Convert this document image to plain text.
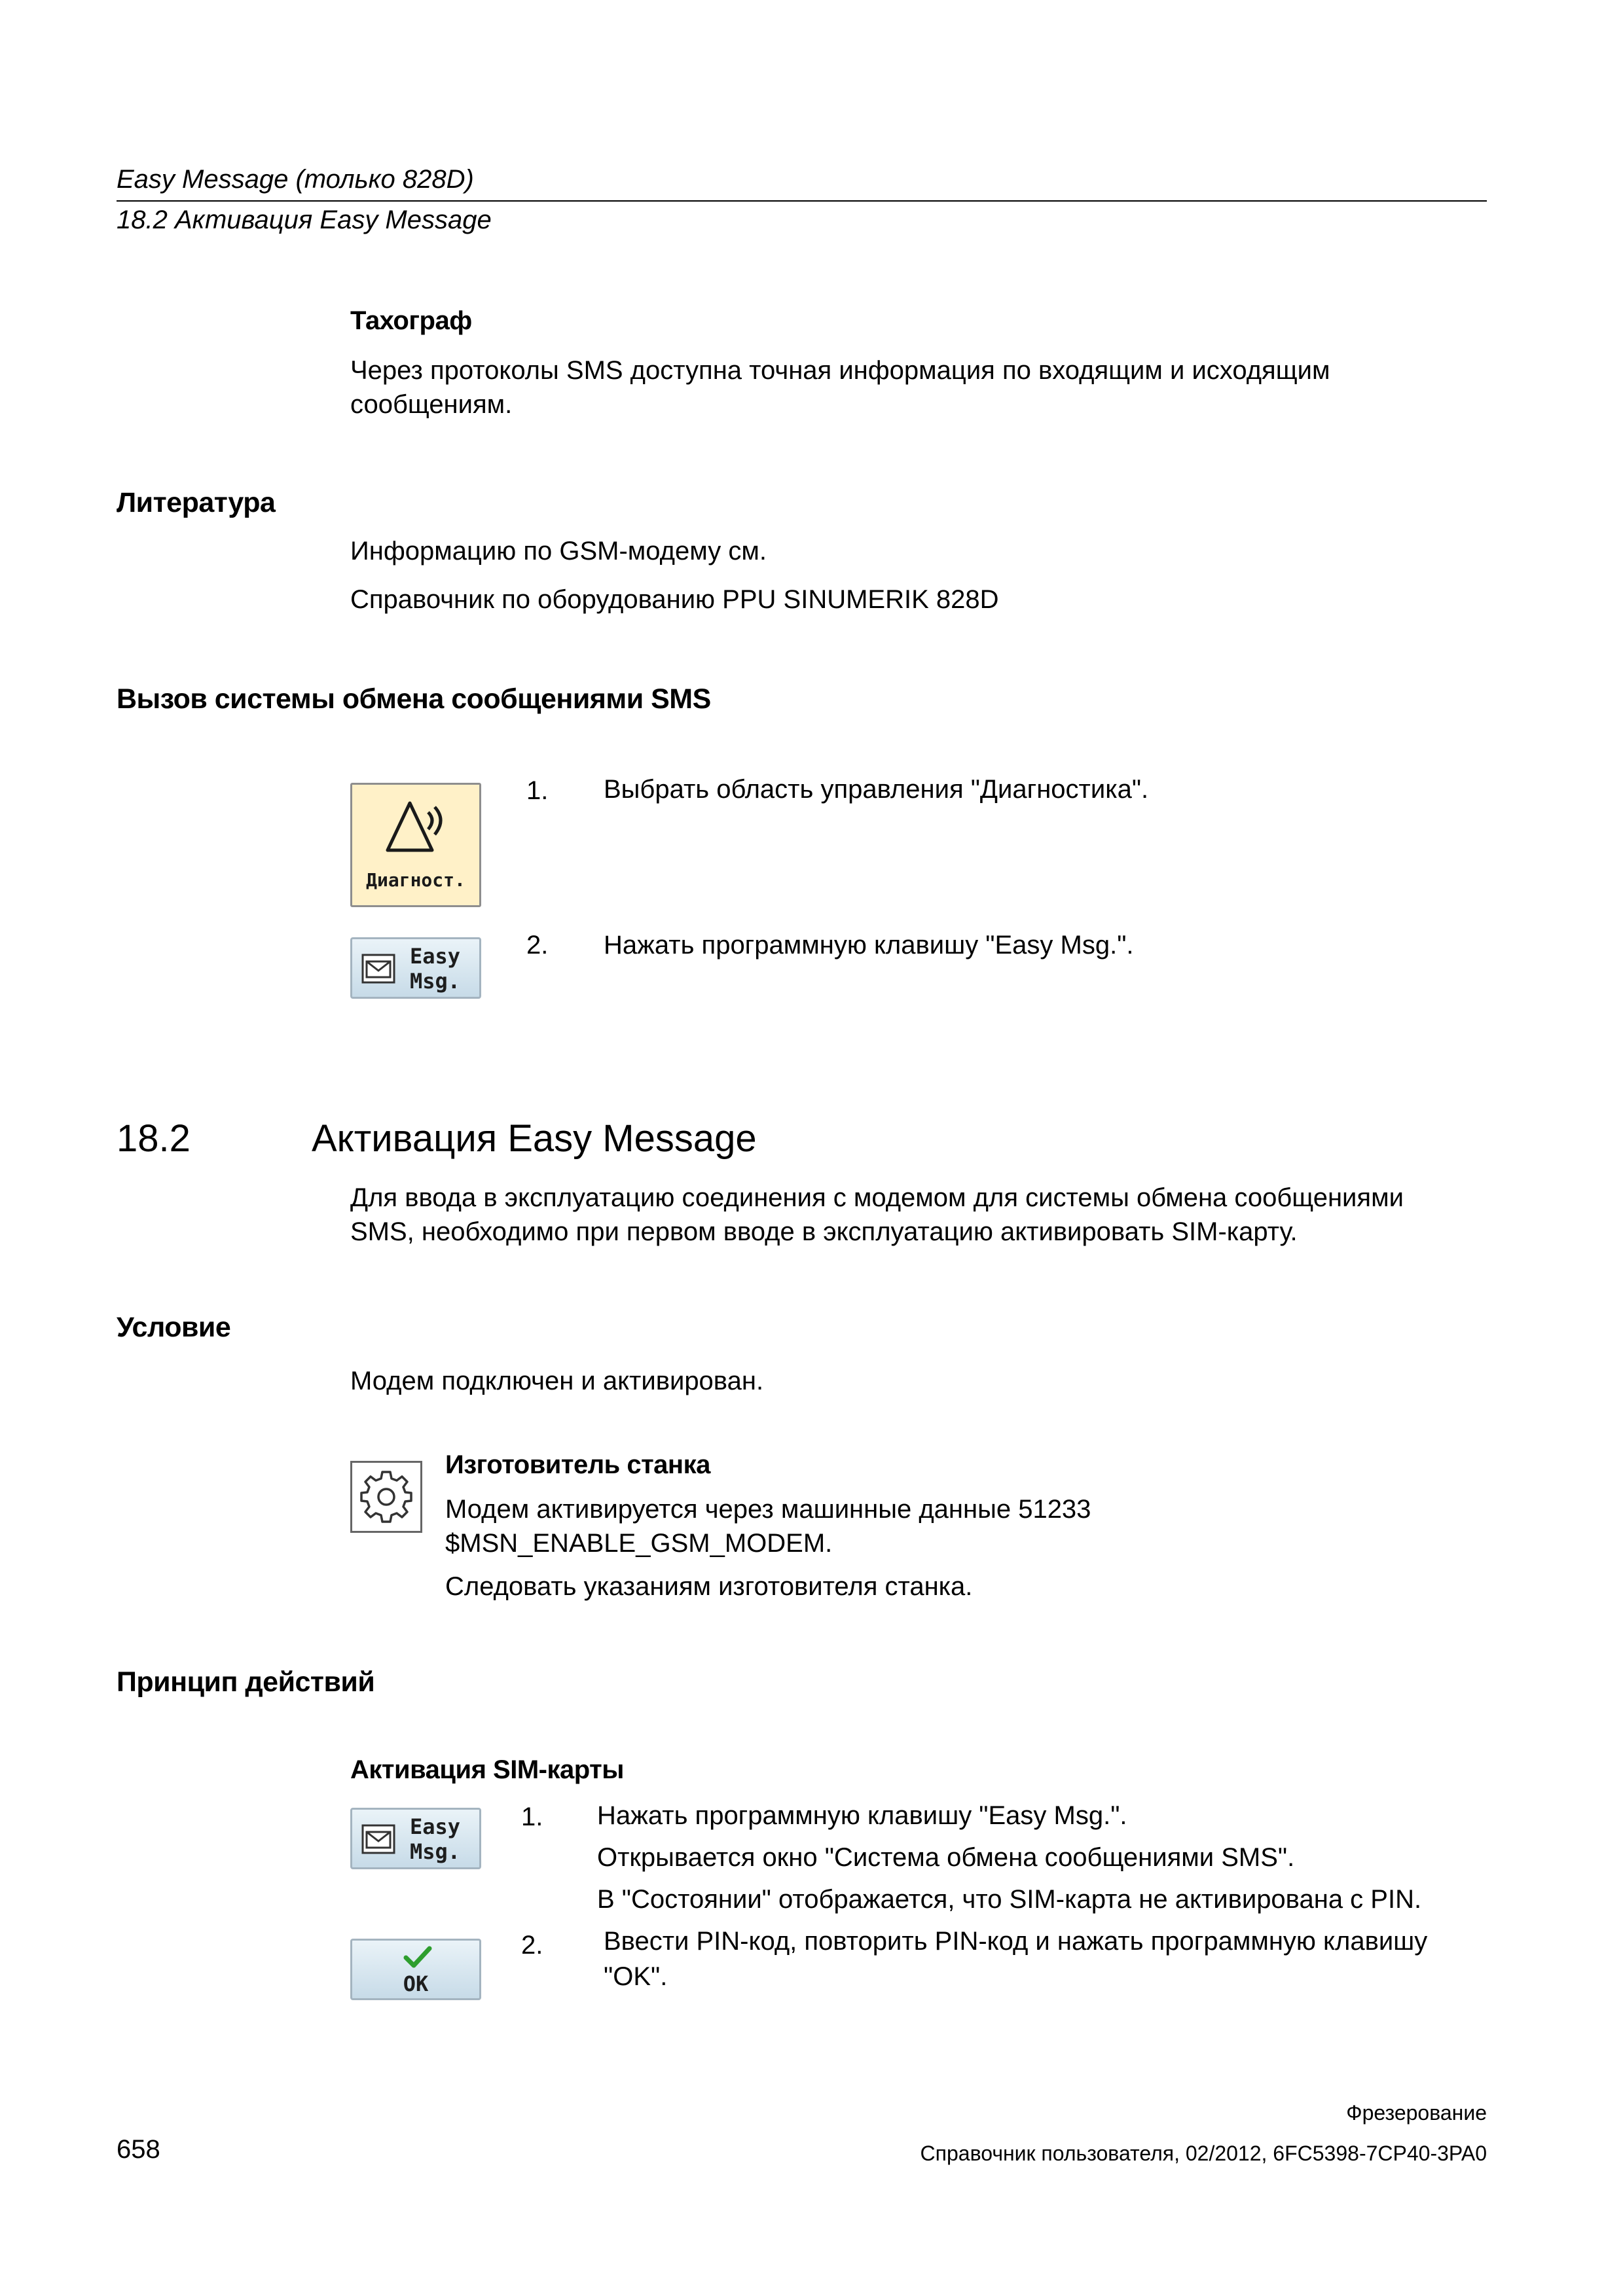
Easy Message (только 828D)
18.2 Активация Easy Message
Тахограф
Через протоколы SMS доступна точная информация по входящим и исходящим
сообщениям.
Литература
Информацию по GSM-модему см.
Справочник по оборудованию PPU SINUMERIK 828D
Вызов системы обмена сообщениями SMS
Диагност.
1. Выбрать область управления "Диагностика".
Easy
Msg.
2. Нажать программную клавишу "Easy Msg.".
18.2	Активация Easy Message
Для ввода в эксплуатацию соединения с модемом для системы обмена сообщениями
SMS, необходимо при первом вводе в эксплуатацию активировать SIM-карту.
Условие
Модем подключен и активирован.
Изготовитель станка
Модем активируется через машинные данные 51233
$MSN_ENABLE_GSM_MODEM.
Следовать указаниям изготовителя станка.
Принцип действий
Активация SIM-карты
Easy
Msg.
1. Нажать программную клавишу "Easy Msg.".
Открывается окно "Система обмена сообщениями SMS".
В "Состоянии" отображается, что SIM-карта не активирована с PIN.
OK
2. Ввести PIN-код, повторить PIN-код и нажать программную клавишу
"OK".
Фрезерование
658	Справочник пользователя, 02/2012, 6FC5398-7CP40-3PA0
